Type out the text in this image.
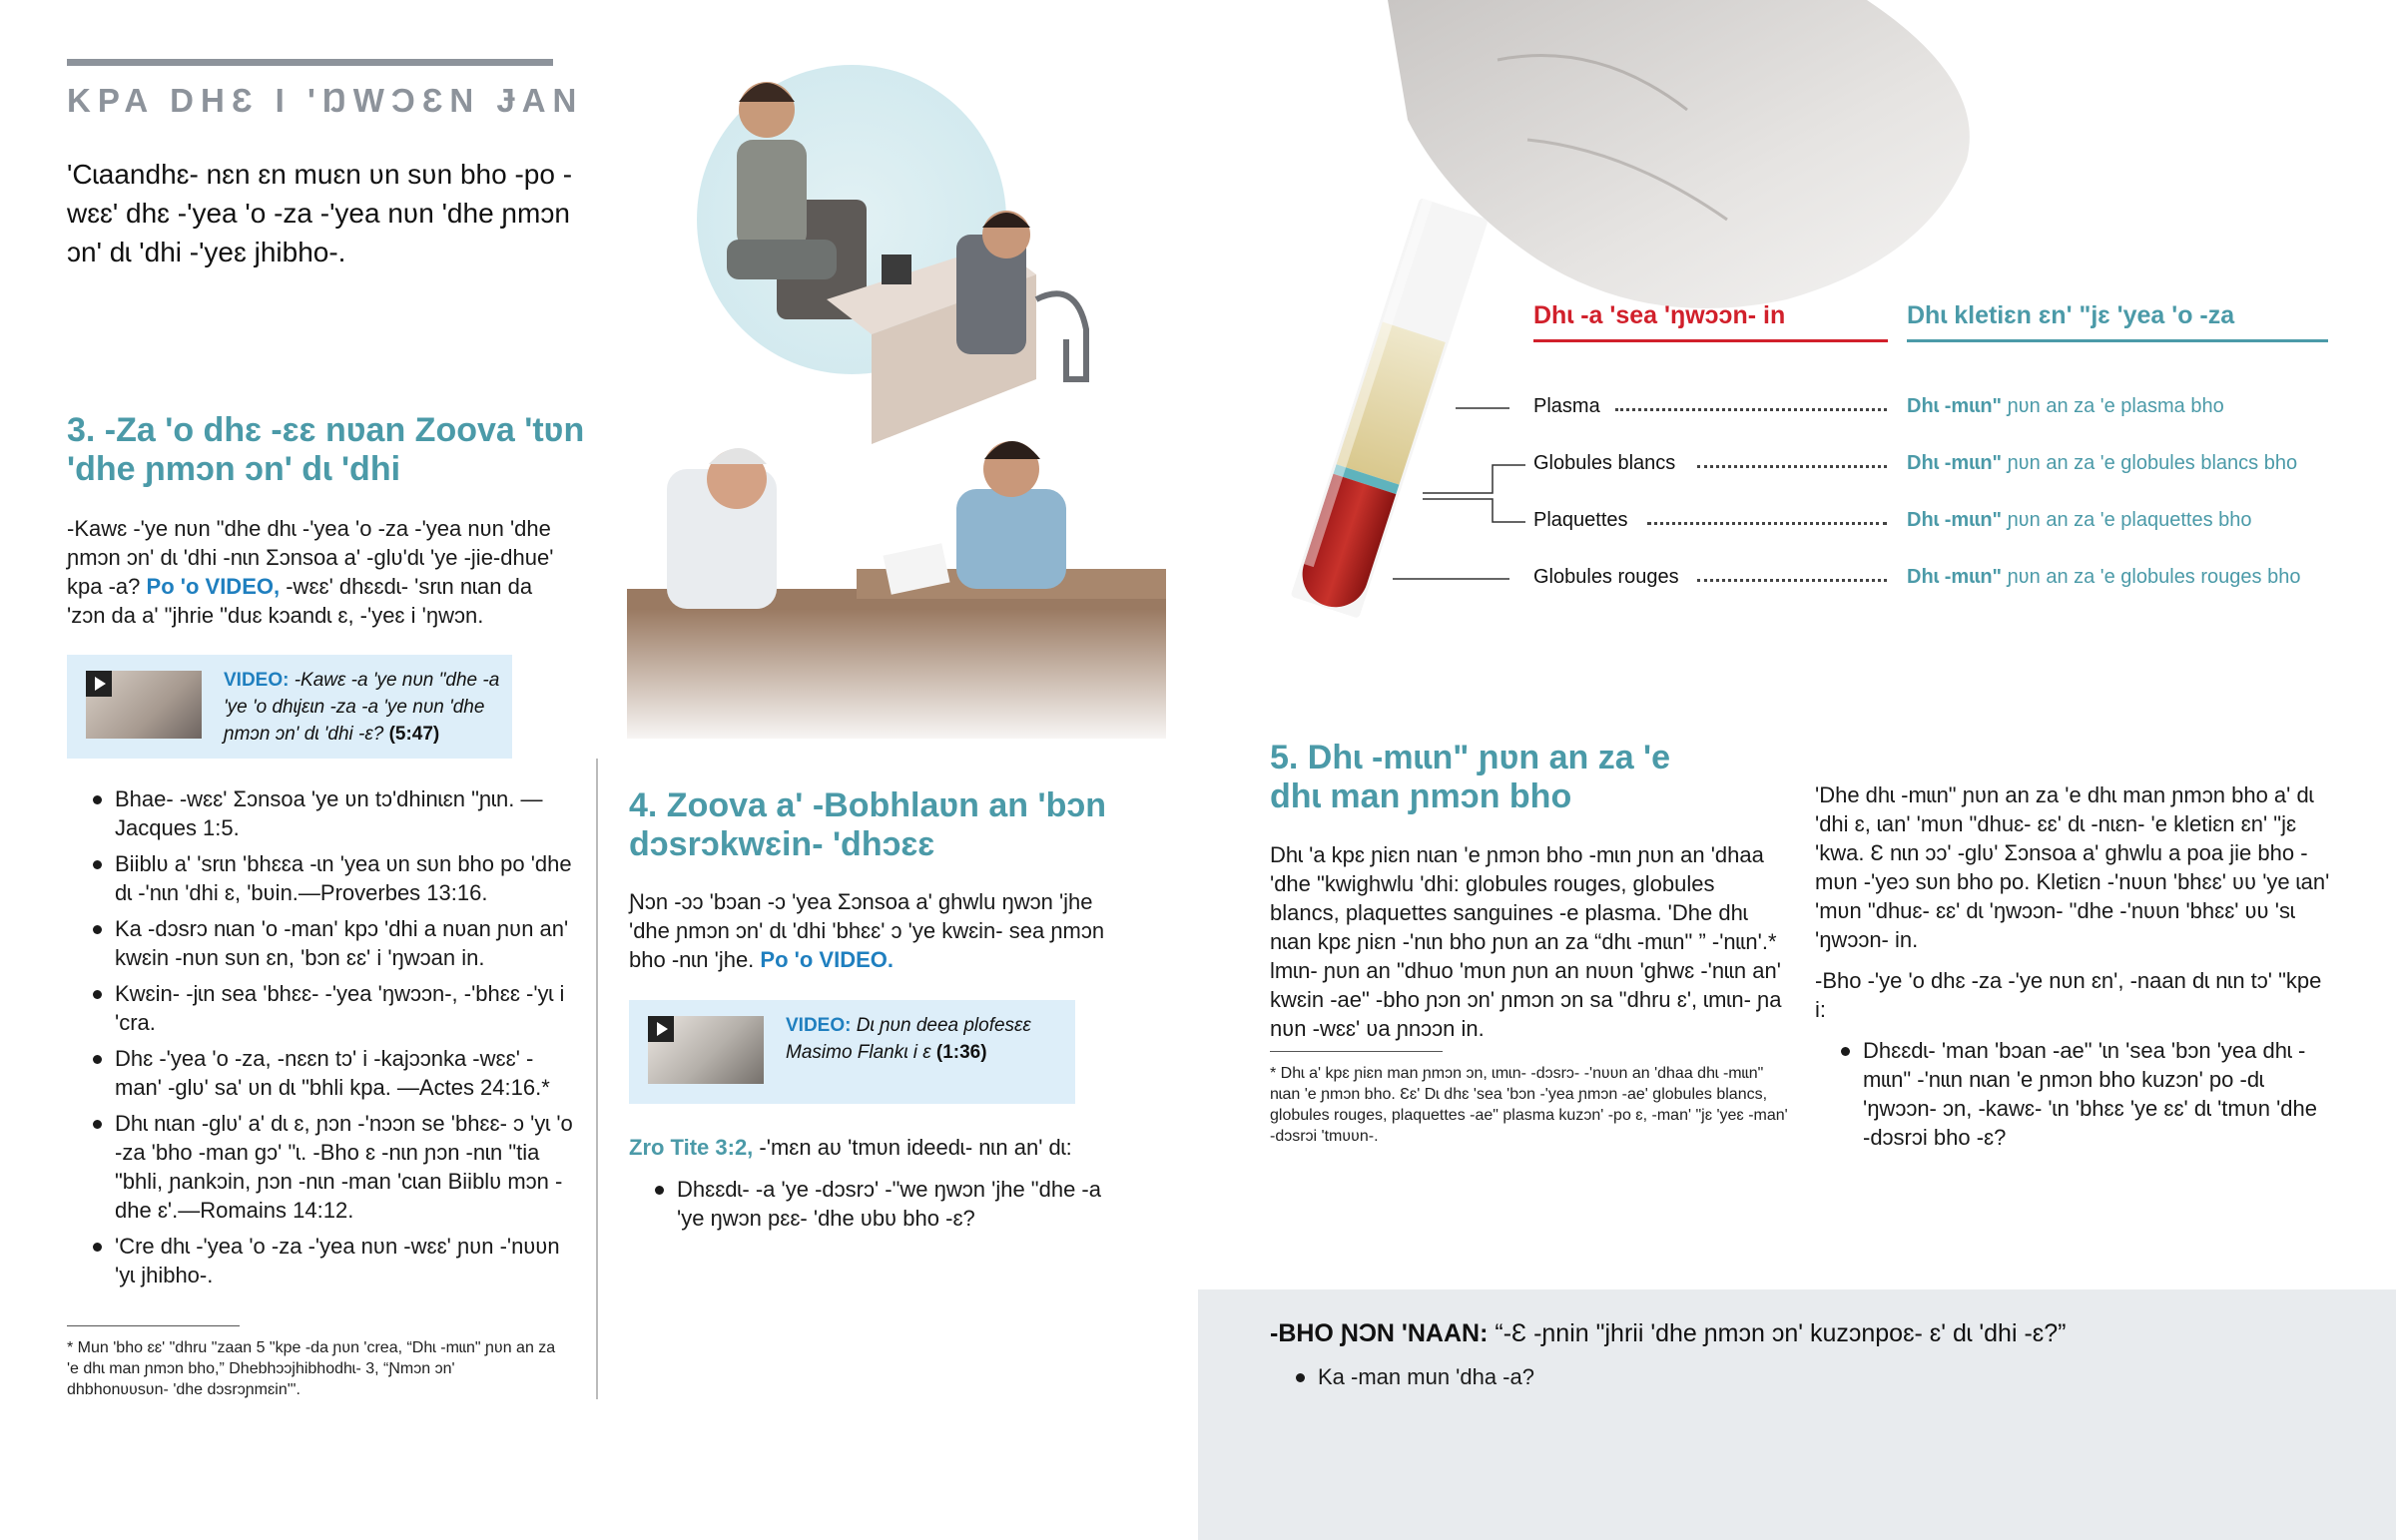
KPA DHƐ I 'ŊWƆƐN ɈAN
'Cɩaandhɛ- nɛn ɛn muɛn ʋn sʋn bho -po -wɛɛ' dhɛ -'yea 'o -za -'yea nʋn 'dhe ɲmɔn ɔn' dɩ 'dhi -'yeɛ jhibho-.
3. -Za 'o dhɛ -ɛɛ nʋan Zoova 'tʋn 'dhe ɲmɔn ɔn' dɩ 'dhi

-Kawɛ -'ye nʋn "dhe dhɩ -'yea 'o -za -'yea nʋn 'dhe ɲmɔn ɔn' dɩ 'dhi -nɩn Ʃɔnsoa a' -glʋ'dɩ 'ye -jie-dhue' kpa -a? Po 'o VIDEO, -wɛɛ' dhɛɛdɩ- 'srɩn nɩan da 'zɔn da a' "jhrie "duɛ kɔandɩ ɛ, -'yeɛ i 'ŋwɔn.

VIDEO: -Kawɛ -a 'ye nʋn "dhe -a 'ye 'o dhɩjɛɩn -za -a 'ye nʋn 'dhe ɲmɔn ɔn' dɩ 'dhi -ɛ? (5:47)
Bhae- -wɛɛ' Ʃɔnsoa 'ye ʋn tɔ'dhinɩɛn "ɲɩn. —Jacques 1:5.
Biiblʋ a' 'srɩn 'bhɛɛa -ɩn 'yea ʋn sʋn bho po 'dhe dɩ -'nɩn 'dhi ɛ, 'bʋin.—Proverbes 13:16.
Ka -dɔsrɔ nɩan 'o -man' kpɔ 'dhi a nʋan ɲʋn an' kwɛin -nʋn sʋn ɛn, 'bɔn ɛɛ' i 'ŋwɔan in.
Kwɛin- -jɩn sea 'bhɛɛ- -'yea 'ŋwɔɔn-, -'bhɛɛ -'yɩ i 'cra.
Dhɛ -'yea 'o -za, -nɛɛn tɔ' i -kajɔɔnka -wɛɛ' -man' -glʋ' sa' ʋn dɩ "bhli kpa. —Actes 24:16.*
Dhɩ nɩan -glʋ' a' dɩ ɛ, ɲɔn -'nɔɔn se 'bhɛɛ- ɔ 'yɩ 'o -za 'bho -man gɔ' "ɩ. -Bho ɛ -nɩn ɲɔn -nɩn "tia "bhli, ɲankɔin, ɲɔn -nɩn -man 'cɩan Biiblʋ mɔn -dhe ɛ'.—Romains 14:12.
'Cre dhɩ -'yea 'o -za -'yea nʋn -wɛɛ' ɲʋn -'nʋʋn 'yɩ jhibho-.

* Mun 'bho ɛɛ' "dhru "zaan 5 "kpe -da ɲʋn 'crea, “Dhɩ -mɩɩn" ɲʋn an za 'e dhɩ man ɲmɔn bho,” Dhebhɔɔjhibhodhɩ- 3, “Ɲmɔn ɔn' dhbhonʋʋsʋn- 'dhe dɔsrɔɲmɛin'".

4. Zoova a' -Bobhlaʋn an 'bɔn dɔsrɔkwɛin- 'dhɔɛɛ

Ɲɔn -ɔɔ 'bɔan -ɔ 'yea Ʃɔnsoa a' ghwlu ŋwɔn 'jhe 'dhe ɲmɔn ɔn' dɩ 'dhi 'bhɛɛ' ɔ 'ye kwɛin- sea ɲmɔn bho -nɩn 'jhe. Po 'o VIDEO.

VIDEO: Dɩ ɲʋn deea plofesɛɛ Masimo Flankɩ i ɛ (1:36)

Zro Tite 3:2, -'mɛn aʋ 'tmʋn ideedɩ- nɩn an' dɩ:

Dhɛɛdɩ- -a 'ye -dɔsrɔ' -"we ŋwɔn 'jhe "dhe -a 'ye ŋwɔn pɛɛ- 'dhe ʋbʋ bho -ɛ?
Dhɩ -a 'sea 'ŋwɔɔn- in	Dhɩ kletiɛn ɛn' "jɛ 'yea 'o -za
Plasma	Dhɩ -mɩɩn" ɲʋn an za 'e plasma bho
Globules blancs	Dhɩ -mɩɩn" ɲʋn an za 'e globules blancs bho
Plaquettes	Dhɩ -mɩɩn" ɲʋn an za 'e plaquettes bho
Globules rouges	Dhɩ -mɩɩn" ɲʋn an za 'e globules rouges bho
5. Dhɩ -mɩɩn" ɲʋn an za 'e dhɩ man ɲmɔn bho

Dhɩ 'a kpɛ ɲiɛn nɩan 'e ɲmɔn bho -mɩn ɲʋn an 'dhaa 'dhe "kwighwlu 'dhi: globules rouges, globules blancs, plaquettes sanguines -e plasma. 'Dhe dhɩ nɩan kpɛ ɲiɛn -'nɩn bho ɲʋn an za “dhɩ -mɩɩn" ” -'nɩɩn'.* Ɩmɩn- ɲʋn an "dhuo 'mʋn ɲʋn an nʋʋn 'ghwɛ -'nɩɩn an' kwɛin -ae" -bho ɲɔn ɔn' ɲmɔn ɔn sa "dhru ɛ', ɩmɩn- ɲa nʋn -wɛɛ' ʋa ɲnɔɔn in.

* Dhɩ a' kpɛ ɲiɛn man ɲmɔn ɔn, ɩmɩn- -dɔsrɔ- -'nʋʋn an 'dhaa dhɩ -mɩɩn" nɩan 'e ɲmɔn bho. Ɛɛ' Dɩ dhɛ 'sea 'bɔn -'yea ɲmɔn -ae' globules blancs, globules rouges, plaquettes -ae" plasma kuzɔn' -po ɛ, -man' "jɛ 'yeɛ -man' -dɔsrɔi 'tmʋʋn-.

'Dhe dhɩ -mɩɩn" ɲʋn an za 'e dhɩ man ɲmɔn bho a' dɩ 'dhi ɛ, ɩan' 'mʋn "dhuɛ- ɛɛ' dɩ -nɩɛn- 'e kletiɛn ɛn' "jɛ 'kwa. Ɛ nɩn ɔɔ' -glʋ' Ʃɔnsoa a' ghwlu a poa jie bho -mʋn -'yeɔ sʋn bho po. Kletiɛn -'nʋʋn 'bhɛɛ' ʋʋ 'ye ɩan' 'mʋn "dhuɛ- ɛɛ' dɩ 'ŋwɔɔn- "dhe -'nʋʋn 'bhɛɛ' ʋʋ 'sɩ 'ŋwɔɔn- in.

-Bho -'ye 'o dhɛ -za -'ye nʋn ɛn', -naan dɩ nɩn tɔ' "kpe i:

Dhɛɛdɩ- 'man 'bɔan -ae" 'ɩn 'sea 'bɔn 'yea dhɩ -mɩɩn" -'nɩɩn nɩan 'e ɲmɔn bho kuzɔn' po -dɩ 'ŋwɔɔn- ɔn, -kawɛ- 'ɩn 'bhɛɛ 'ye ɛɛ' dɩ 'tmʋn 'dhe -dɔsrɔi bho -ɛ?
-BHO ƝƆN 'NAAN: “-Ɛ -ɲnin "jhrii 'dhe ɲmɔn ɔn' kuzɔnpoɛ- ɛ' dɩ 'dhi -ɛ?”
Ka -man mun 'dha -a?
